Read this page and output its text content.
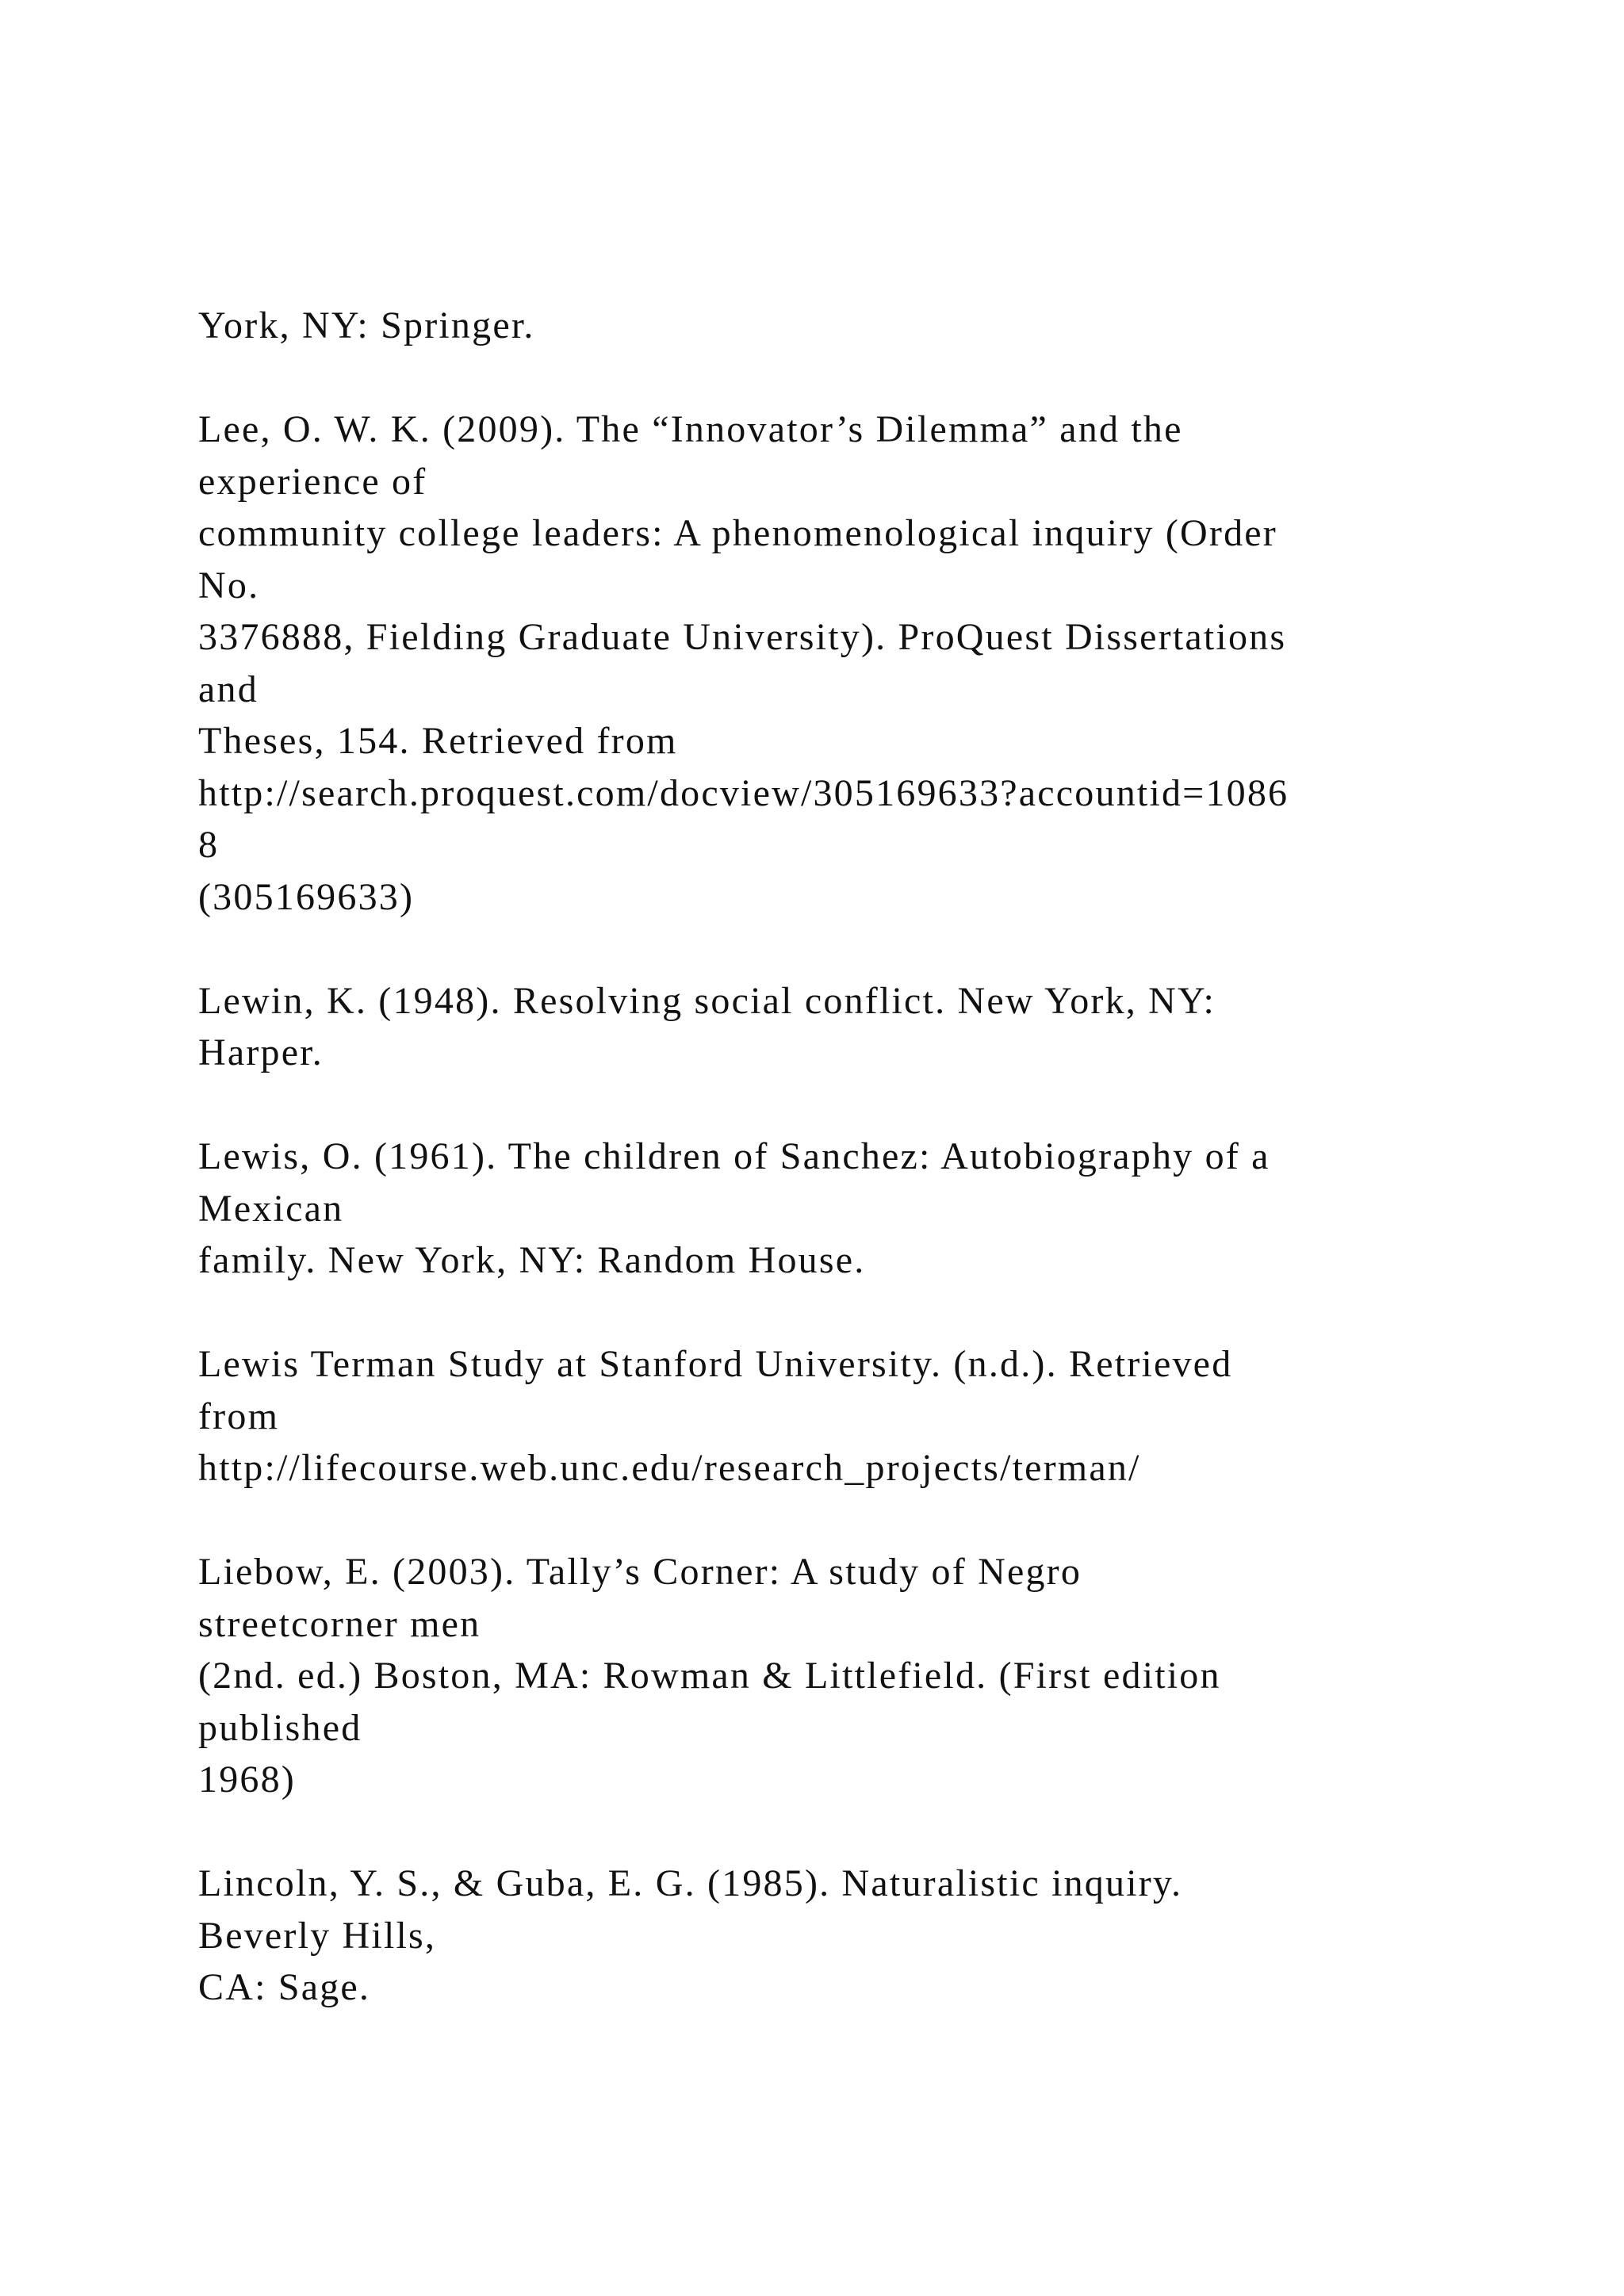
York, NY: Springer.
Lee, O. W. K. (2009). The “Innovator’s Dilemma” and the
experience of
community college leaders: A phenomenological inquiry (Order
No.
3376888, Fielding Graduate University). ProQuest Dissertations
and
Theses, 154. Retrieved from
http://search.proquest.com/docview/305169633?accountid=1086
8
(305169633)
Lewin, K. (1948). Resolving social conflict. New York, NY:
Harper.
Lewis, O. (1961). The children of Sanchez: Autobiography of a
Mexican
family. New York, NY: Random House.
Lewis Terman Study at Stanford University. (n.d.). Retrieved
from
http://lifecourse.web.unc.edu/research_projects/terman/
Liebow, E. (2003). Tally’s Corner: A study of Negro
streetcorner men
(2nd. ed.) Boston, MA: Rowman & Littlefield. (First edition
published
1968)
Lincoln, Y. S., & Guba, E. G. (1985). Naturalistic inquiry.
Beverly Hills,
CA: Sage.
